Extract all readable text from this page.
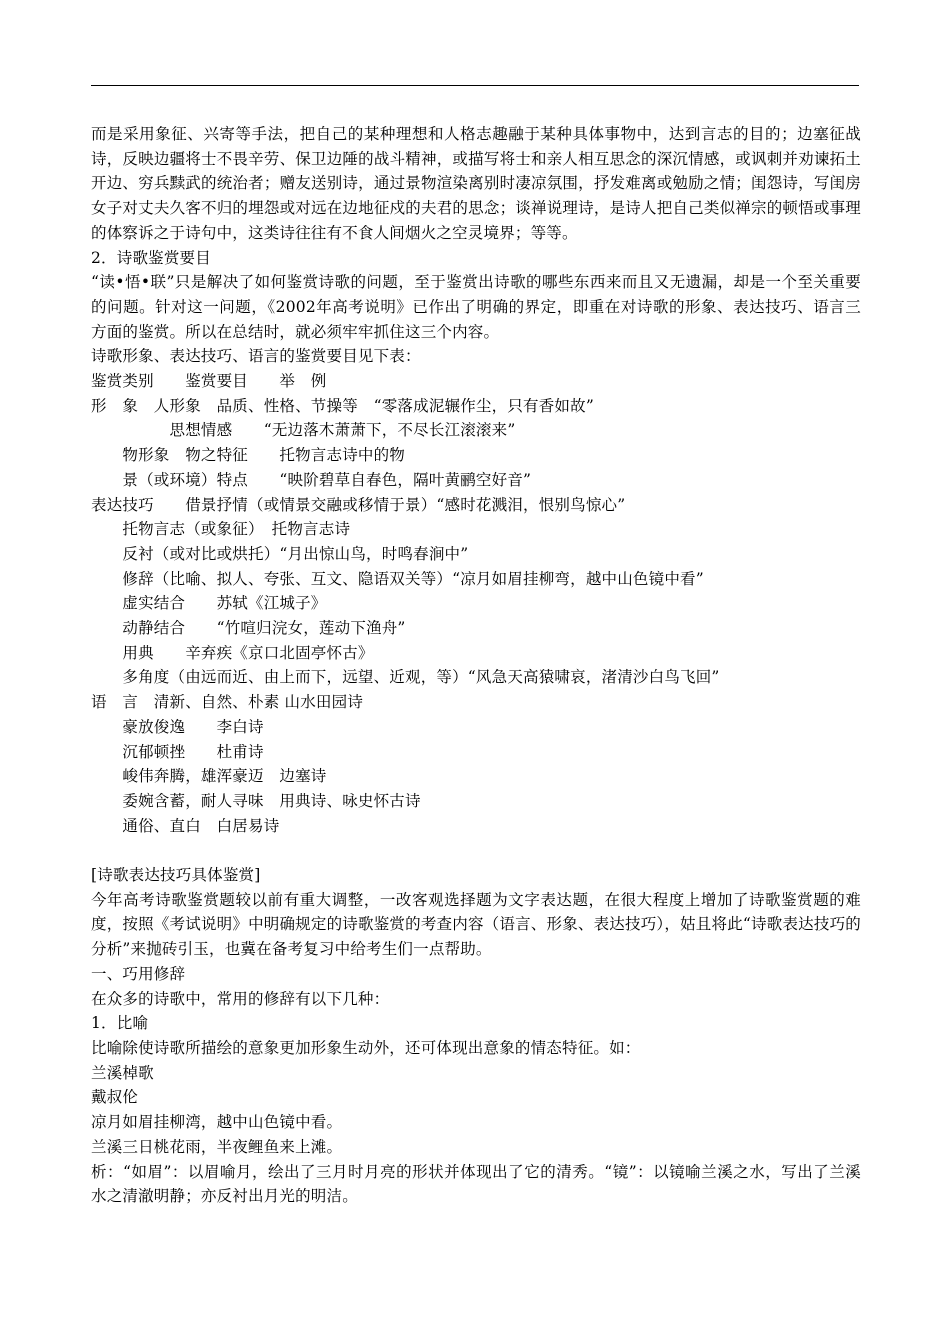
而是采用象征、兴寄等手法，把自己的某种理想和人格志趣融于某种具体事物中，达到言志的目的；边塞征战诗，反映边疆将士不畏辛劳、保卫边陲的战斗精神，或描写将士和亲人相互思念的深沉情感，或讽刺并劝谏拓土开边、穷兵黩武的统治者；赠友送别诗，通过景物渲染离别时凄凉氛围，抒发难离或勉励之情；闺怨诗，写闺房女子对丈夫久客不归的埋怨或对远在边地征戍的夫君的思念；谈禅说理诗，是诗人把自己类似禅宗的顿悟或事理的体察诉之于诗句中，这类诗往往有不食人间烟火之空灵境界；等等。

2．诗歌鉴赏要目

“读•悟•联”只是解决了如何鉴赏诗歌的问题，至于鉴赏出诗歌的哪些东西来而且又无遗漏，却是一个至关重要的问题。针对这一问题，《2002年高考说明》已作出了明确的界定，即重在对诗歌的形象、表达技巧、语言三方面的鉴赏。所以在总结时，就必须牢牢抓住这三个内容。

诗歌形象、表达技巧、语言的鉴赏要目见下表：

鉴赏类别　　鉴赏要目　　举　例

形　象　人形象　品质、性格、节操等　“零落成泥辗作尘，只有香如故”

　　　　　思想情感　　“无边落木萧萧下，不尽长江滚滚来”

　　物形象　物之特征　　托物言志诗中的物

　　景（或环境）特点　　“映阶碧草自春色，隔叶黄鹂空好音”

表达技巧　　借景抒情（或情景交融或移情于景）“感时花溅泪，恨别鸟惊心”

　　托物言志（或象征）　托物言志诗

　　反衬（或对比或烘托）“月出惊山鸟，时鸣春涧中”

　　修辞（比喻、拟人、夸张、互文、隐语双关等）“凉月如眉挂柳弯，越中山色镜中看”

　　虚实结合　　苏轼《江城子》

　　动静结合　　“竹喧归浣女，莲动下渔舟”

　　用典　　辛弃疾《京口北固亭怀古》

　　多角度（由远而近、由上而下，远望、近观，等）“风急天高猿啸哀，渚清沙白鸟飞回”

语　言　清新、自然、朴素 山水田园诗

　　豪放俊逸　　李白诗

　　沉郁顿挫　　杜甫诗

　　峻伟奔腾，雄浑豪迈　边塞诗

　　委婉含蓄，耐人寻味　用典诗、咏史怀古诗

　　通俗、直白　白居易诗

[诗歌表达技巧具体鉴赏]

今年高考诗歌鉴赏题较以前有重大调整，一改客观选择题为文字表达题，在很大程度上增加了诗歌鉴赏题的难度，按照《考试说明》中明确规定的诗歌鉴赏的考查内容（语言、形象、表达技巧），姑且将此“诗歌表达技巧的分析”来抛砖引玉，也冀在备考复习中给考生们一点帮助。

一、巧用修辞

在众多的诗歌中，常用的修辞有以下几种：

1．比喻

比喻除使诗歌所描绘的意象更加形象生动外，还可体现出意象的情态特征。如：

兰溪棹歌

戴叔伦

凉月如眉挂柳湾，越中山色镜中看。

兰溪三日桃花雨，半夜鲤鱼来上滩。

析：“如眉”：以眉喻月，绘出了三月时月亮的形状并体现出了它的清秀。“镜”：以镜喻兰溪之水，写出了兰溪水之清澈明静；亦反衬出月光的明洁。
